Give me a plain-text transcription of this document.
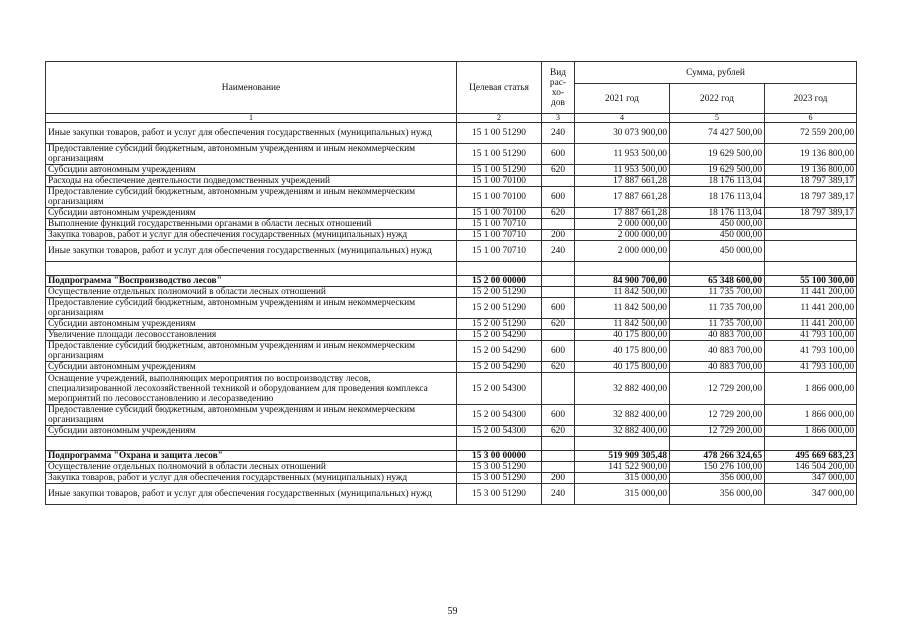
Наименование	Целевая статья	Вид рас- хо- дов	Сумма, рублей		
			2021 год	2022 год	2023 год
1	2	3	4	5	6
Иные закупки товаров, работ и услуг для обеспечения государственных (муниципальных) нужд	15 1 00 51290	240	30 073 900,00	74 427 500,00	72 559 200,00
Предоставление субсидий бюджетным, автономным учреждениям и иным некоммерческим организациям	15 1 00 51290	600	11 953 500,00	19 629 500,00	19 136 800,00
Субсидии автономным учреждениям	15 1 00 51290	620	11 953 500,00	19 629 500,00	19 136 800,00
Расходы на обеспечение деятельности подведомственных учреждений	15 1 00 70100		17 887 661,28	18 176 113,04	18 797 389,17
Предоставление субсидий бюджетным, автономным учреждениям и иным некоммерческим организациям	15 1 00 70100	600	17 887 661,28	18 176 113,04	18 797 389,17
Субсидии автономным учреждениям	15 1 00 70100	620	17 887 661,28	18 176 113,04	18 797 389,17
Выполнение функций государственными органами в области лесных отношений	15 1 00 70710		2 000 000,00	450 000,00	
Закупка товаров, работ и услуг для обеспечения государственных (муниципальных) нужд	15 1 00 70710	200	2 000 000,00	450 000,00	
Иные закупки товаров, работ и услуг для обеспечения государственных (муниципальных) нужд	15 1 00 70710	240	2 000 000,00	450 000,00	

Подпрограмма "Воспроизводство лесов"	15 2 00 00000		84 900 700,00	65 348 600,00	55 100 300,00
Осуществление отдельных полномочий в области лесных отношений	15 2 00 51290		11 842 500,00	11 735 700,00	11 441 200,00
Предоставление субсидий бюджетным, автономным учреждениям и иным некоммерческим организациям	15 2 00 51290	600	11 842 500,00	11 735 700,00	11 441 200,00
Субсидии автономным учреждениям	15 2 00 51290	620	11 842 500,00	11 735 700,00	11 441 200,00
Увеличение площади лесовосстановления	15 2 00 54290		40 175 800,00	40 883 700,00	41 793 100,00
Предоставление субсидий бюджетным, автономным учреждениям и иным некоммерческим организациям	15 2 00 54290	600	40 175 800,00	40 883 700,00	41 793 100,00
Субсидии автономным учреждениям	15 2 00 54290	620	40 175 800,00	40 883 700,00	41 793 100,00
Оснащение учреждений, выполняющих мероприятия по воспроизводству лесов, специализированной лесохозяйственной техникой и оборудованием для проведения комплекса мероприятий по лесовосстановлению и лесоразведению	15 2 00 54300		32 882 400,00	12 729 200,00	1 866 000,00
Предоставление субсидий бюджетным, автономным учреждениям и иным некоммерческим организациям	15 2 00 54300	600	32 882 400,00	12 729 200,00	1 866 000,00
Субсидии автономным учреждениям	15 2 00 54300	620	32 882 400,00	12 729 200,00	1 866 000,00

Подпрограмма "Охрана и защита лесов"	15 3 00 00000		519 909 305,48	478 266 324,65	495 669 683,23
Осуществление отдельных полномочий в области лесных отношений	15 3 00 51290		141 522 900,00	150 276 100,00	146 504 200,00
Закупка товаров, работ и услуг для обеспечения государственных (муниципальных) нужд	15 3 00 51290	200	315 000,00	356 000,00	347 000,00
Иные закупки товаров, работ и услуг для обеспечения государственных (муниципальных) нужд	15 3 00 51290	240	315 000,00	356 000,00	347 000,00
59
